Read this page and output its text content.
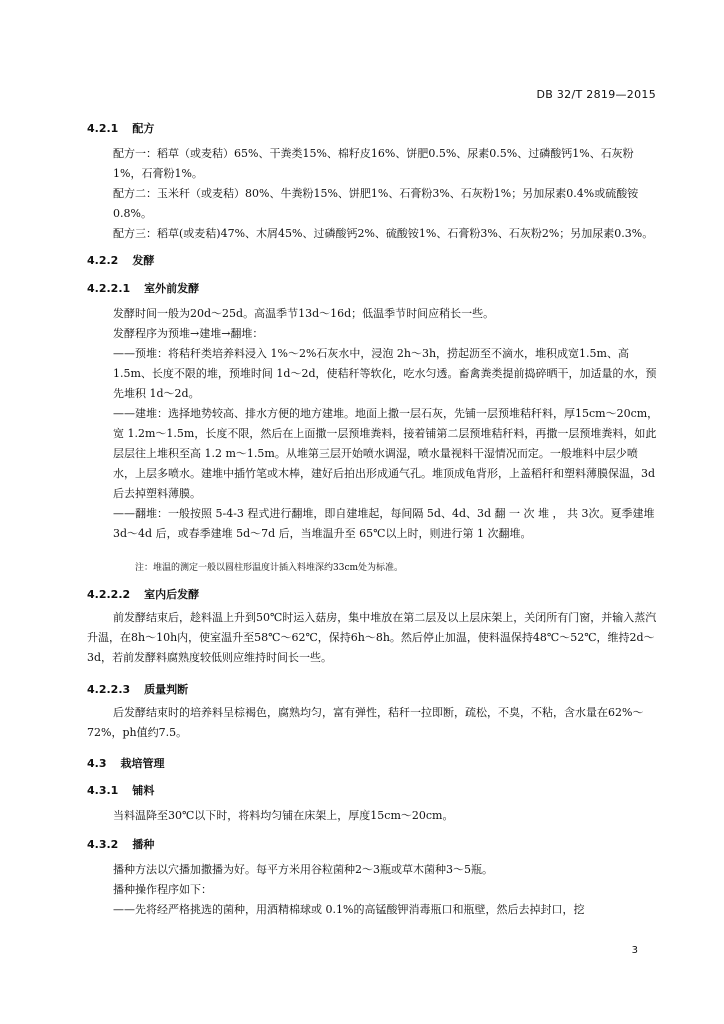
DB 32/T 2819—2015
4.2.1 配方
配方一：稻草（或麦秸）65%、干粪类15%、棉籽皮16%、饼肥0.5%、尿素0.5%、过磷酸钙1%、石灰粉1%，石膏粉1%。
配方二：玉米秆（或麦秸）80%、牛粪粉15%、饼肥1%、石膏粉3%、石灰粉1%；另加尿素0.4%或硫酸铵0.8%。
配方三：稻草(或麦秸)47%、木屑45%、过磷酸钙2%、硫酸铵1%、石膏粉3%、石灰粉2%；另加尿素0.3%。
4.2.2 发酵
4.2.2.1 室外前发酵
发酵时间一般为20d～25d。高温季节13d～16d；低温季节时间应稍长一些。
发酵程序为预堆→建堆→翻堆：
——预堆：将秸秆类培养料浸入 1%～2%石灰水中，浸泡 2h～3h，捞起沥至不滴水，堆积成宽1.5m、高 1.5m、长度不限的堆，预堆时间 1d～2d，使秸秆等软化，吃水匀透。畜禽粪类提前捣碎晒干，加适量的水，预先堆积 1d～2d。
——建堆：选择地势较高、排水方便的地方建堆。地面上撒一层石灰，先铺一层预堆秸秆料，厚15cm～20cm，宽 1.2m～1.5m，长度不限，然后在上面撒一层预堆粪料，接着铺第二层预堆秸秆料，再撒一层预堆粪料，如此层层往上堆积至高 1.2 m～1.5m。从堆第三层开始喷水调湿，喷水量视料干湿情况而定。一般堆料中层少喷水，上层多喷水。建堆中插竹笔或木棒，建好后拍出形成通气孔。堆顶成龟背形，上盖稻秆和塑料薄膜保温，3d 后去掉塑料薄膜。
——翻堆：一般按照 5-4-3 程式进行翻堆，即自建堆起，每间隔 5d、4d、3d 翻 一 次 堆 ， 共 3次。夏季建堆 3d～4d 后，或春季建堆 5d～7d 后，当堆温升至 65℃以上时，则进行第 1 次翻堆。
注：堆温的测定一般以圆柱形温度计插入料堆深约33cm处为标准。
4.2.2.2 室内后发酵
前发酵结束后，趁料温上升到50℃时运入菇房，集中堆放在第二层及以上层床架上，关闭所有门窗，并输入蒸汽升温，在8h～10h内，使室温升至58℃～62℃，保持6h～8h。然后停止加温，使料温保持48℃～52℃，维持2d～3d，若前发酵料腐熟度较低则应维持时间长一些。
4.2.2.3 质量判断
后发酵结束时的培养料呈棕褐色，腐熟均匀，富有弹性，秸秆一拉即断，疏松，不臭，不粘，含水量在62%～72%，ph值约7.5。
4.3 栽培管理
4.3.1 铺料
当料温降至30℃以下时，将料均匀铺在床架上，厚度15cm～20cm。
4.3.2 播种
播种方法以穴播加撒播为好。每平方米用谷粒菌种2～3瓶或草木菌种3～5瓶。
播种操作程序如下：
——先将经严格挑选的菌种，用酒精棉球或 0.1%的高锰酸钾消毒瓶口和瓶壁，然后去掉封口，挖
3
